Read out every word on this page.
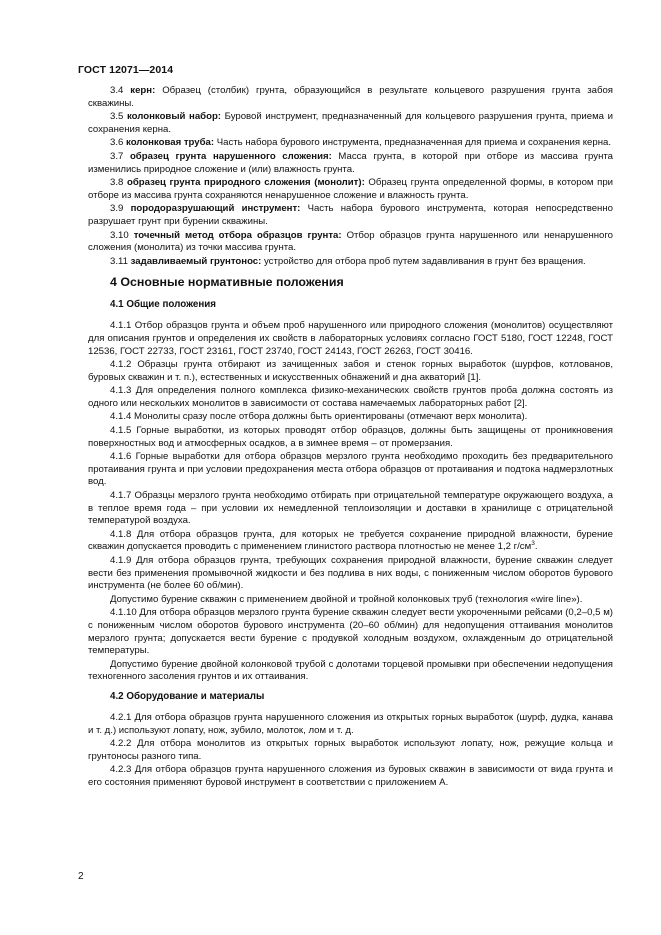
ГОСТ 12071—2014

3.4 керн: Образец (столбик) грунта, образующийся в результате кольцевого разрушения грунта забоя скважины.

3.5 колонковый набор: Буровой инструмент, предназначенный для кольцевого разрушения грунта, приема и сохранения керна.

3.6 колонковая труба: Часть набора бурового инструмента, предназначенная для приема и сохранения керна.

3.7 образец грунта нарушенного сложения: Масса грунта, в которой при отборе из массива грунта изменились природное сложение и (или) влажность грунта.

3.8 образец грунта природного сложения (монолит): Образец грунта определенной формы, в котором при отборе из массива грунта сохраняются ненарушенное сложение и влажность грунта.

3.9 породоразрушающий инструмент: Часть набора бурового инструмента, которая непосредственно разрушает грунт при бурении скважины.

3.10 точечный метод отбора образцов грунта: Отбор образцов грунта нарушенного или ненарушенного сложения (монолита) из точки массива грунта.

3.11 задавливаемый грунтонос: устройство для отбора проб путем задавливания в грунт без вращения.

4 Основные нормативные положения
4.1 Общие положения

4.1.1 Отбор образцов грунта и объем проб нарушенного или природного сложения (монолитов) осуществляют для описания грунтов и определения их свойств в лабораторных условиях согласно ГОСТ 5180, ГОСТ 12248, ГОСТ 12536, ГОСТ 22733, ГОСТ 23161, ГОСТ 23740, ГОСТ 24143, ГОСТ 26263, ГОСТ 30416.

4.1.2 Образцы грунта отбирают из зачищенных забоя и стенок горных выработок (шурфов, котлованов, буровых скважин и т. п.), естественных и искусственных обнажений и дна акваторий [1].

4.1.3 Для определения полного комплекса физико-механических свойств грунтов проба должна состоять из одного или нескольких монолитов в зависимости от состава намечаемых лабораторных работ [2].

4.1.4 Монолиты сразу после отбора должны быть ориентированы (отмечают верх монолита).

4.1.5 Горные выработки, из которых проводят отбор образцов, должны быть защищены от проникновения поверхностных вод и атмосферных осадков, а в зимнее время – от промерзания.

4.1.6 Горные выработки для отбора образцов мерзлого грунта необходимо проходить без предварительного протаивания грунта и при условии предохранения места отбора образцов от протаивания и подтока надмерзлотных вод.

4.1.7 Образцы мерзлого грунта необходимо отбирать при отрицательной температуре окружающего воздуха, а в теплое время года – при условии их немедленной теплоизоляции и доставки в хранилище с отрицательной температурой воздуха.

4.1.8 Для отбора образцов грунта, для которых не требуется сохранение природной влажности, бурение скважин допускается проводить с применением глинистого раствора плотностью не менее 1,2 $г/см^3$.

4.1.9 Для отбора образцов грунта, требующих сохранения природной влажности, бурение скважин следует вести без применения промывочной жидкости и без подлива в них воды, с пониженным числом оборотов бурового инструмента (не более 60 об/мин).

Допустимо бурение скважин с применением двойной и тройной колонковых труб (технология «wire line»).

4.1.10 Для отбора образцов мерзлого грунта бурение скважин следует вести укороченными рейсами (0,2–0,5 м) с пониженным числом оборотов бурового инструмента (20–60 об/мин) для недопущения оттаивания монолитов мерзлого грунта; допускается вести бурение с продувкой холодным воздухом, охлажденным до отрицательной температуры.

Допустимо бурение двойной колонковой трубой с долотами торцевой промывки при обеспечении недопущения техногенного засоления грунтов и их оттаивания.

4.2 Оборудование и материалы

4.2.1 Для отбора образцов грунта нарушенного сложения из открытых горных выработок (шурф, дудка, канава и т. д.) используют лопату, нож, зубило, молоток, лом и т. д.

4.2.2 Для отбора монолитов из открытых горных выработок используют лопату, нож, режущие кольца и грунтоносы разного типа.

4.2.3 Для отбора образцов грунта нарушенного сложения из буровых скважин в зависимости от вида грунта и его состояния применяют буровой инструмент в соответствии с приложением А.

2
